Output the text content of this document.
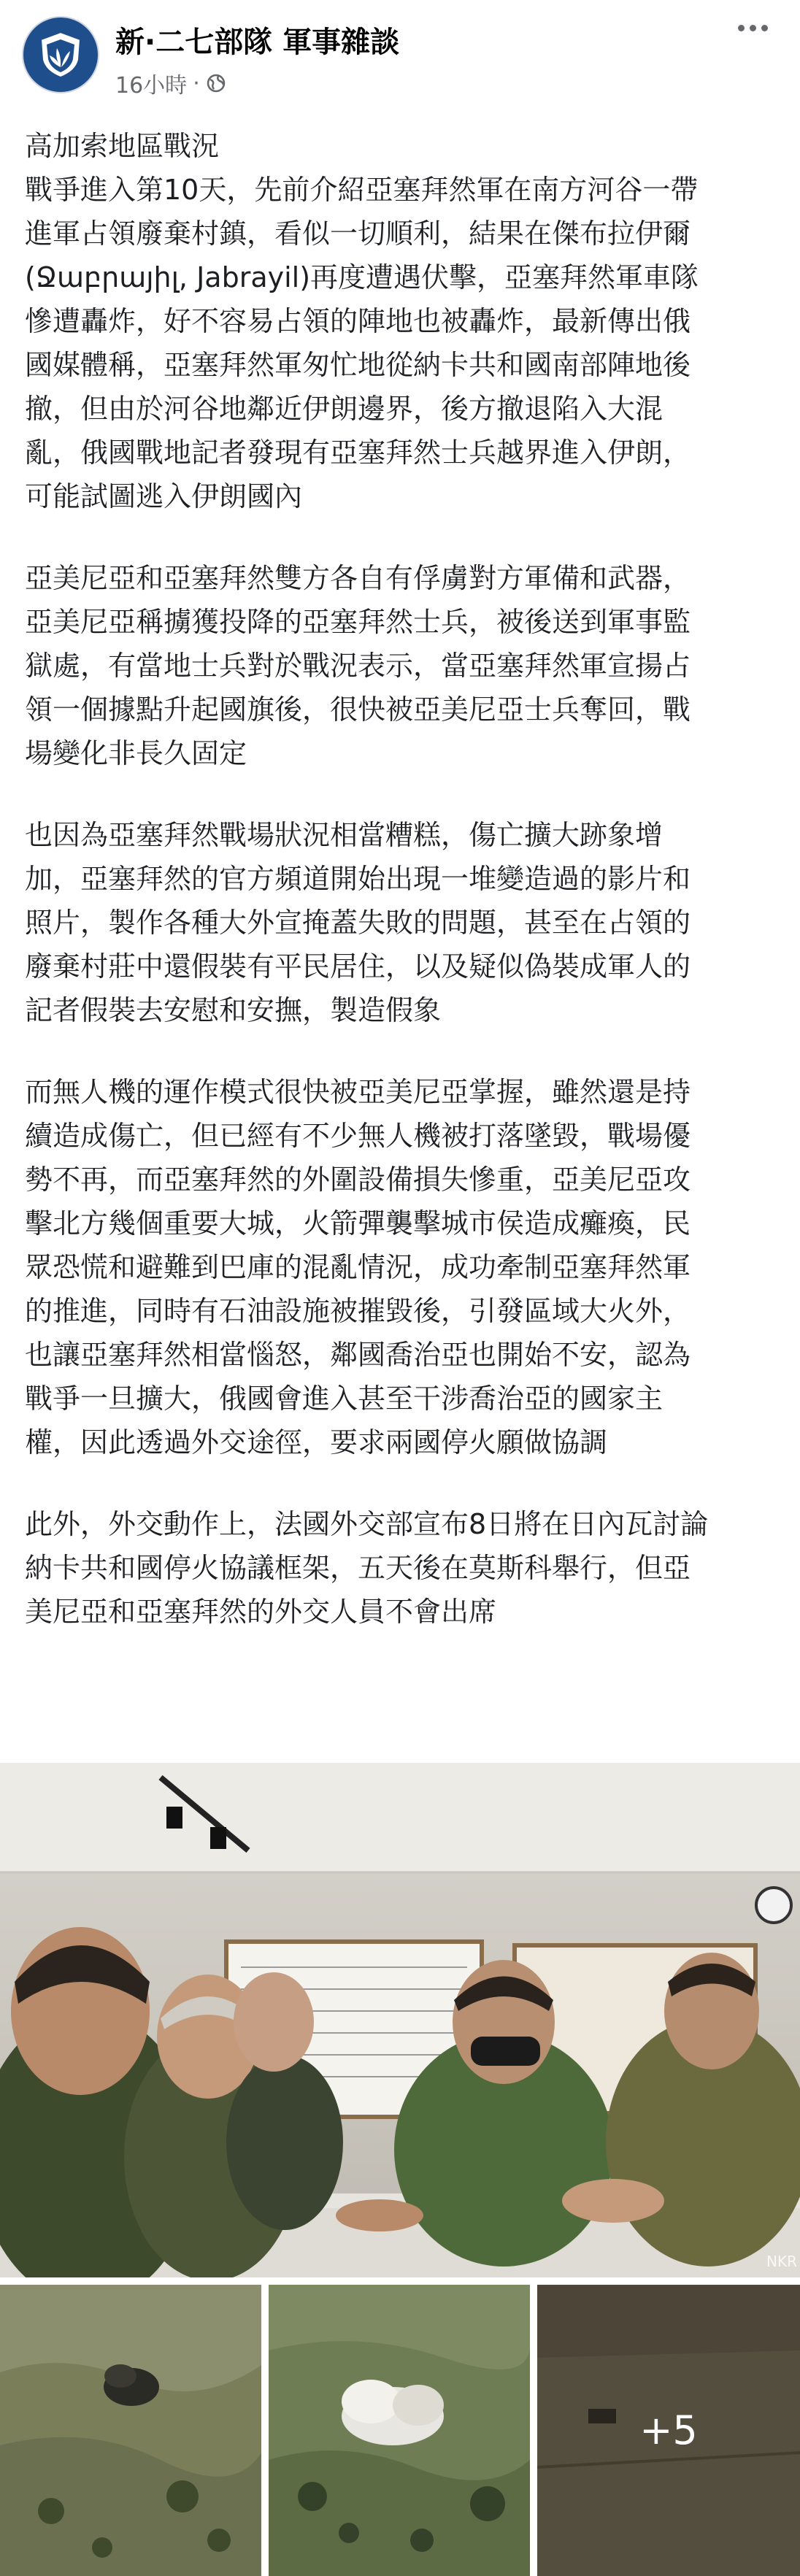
新·二七部隊 軍事雜談
16小時 ·

高加索地區戰況

戰爭進入第10天，先前介紹亞塞拜然軍在南方河谷一帶
進軍占領廢棄村鎮，看似一切順利，結果在傑布拉伊爾
(Ջաբրայիլ, Jabrayil)再度遭遇伏擊，亞塞拜然軍車隊
慘遭轟炸，好不容易占領的陣地也被轟炸，最新傳出俄
國媒體稱，亞塞拜然軍匆忙地從納卡共和國南部陣地後
撤，但由於河谷地鄰近伊朗邊界，後方撤退陷入大混
亂，俄國戰地記者發現有亞塞拜然士兵越界進入伊朗，
可能試圖逃入伊朗國內

亞美尼亞和亞塞拜然雙方各自有俘虜對方軍備和武器，
亞美尼亞稱擄獲投降的亞塞拜然士兵，被後送到軍事監
獄處，有當地士兵對於戰況表示，當亞塞拜然軍宣揚占
領一個據點升起國旗後，很快被亞美尼亞士兵奪回，戰
場變化非長久固定

也因為亞塞拜然戰場狀況相當糟糕，傷亡擴大跡象增
加，亞塞拜然的官方頻道開始出現一堆變造過的影片和
照片，製作各種大外宣掩蓋失敗的問題，甚至在占領的
廢棄村莊中還假裝有平民居住，以及疑似偽裝成軍人的
記者假裝去安慰和安撫，製造假象

而無人機的運作模式很快被亞美尼亞掌握，雖然還是持
續造成傷亡，但已經有不少無人機被打落墜毀，戰場優
勢不再，而亞塞拜然的外圍設備損失慘重，亞美尼亞攻
擊北方幾個重要大城，火箭彈襲擊城市侯造成癱瘓，民
眾恐慌和避難到巴庫的混亂情況，成功牽制亞塞拜然軍
的推進，同時有石油設施被摧毀後，引發區域大火外，
也讓亞塞拜然相當惱怒，鄰國喬治亞也開始不安，認為
戰爭一旦擴大，俄國會進入甚至干涉喬治亞的國家主
權，因此透過外交途徑，要求兩國停火願做協調

此外，外交動作上，法國外交部宣布8日將在日內瓦討論
納卡共和國停火協議框架，五天後在莫斯科舉行，但亞
美尼亞和亞塞拜然的外交人員不會出席

NKR
+5
